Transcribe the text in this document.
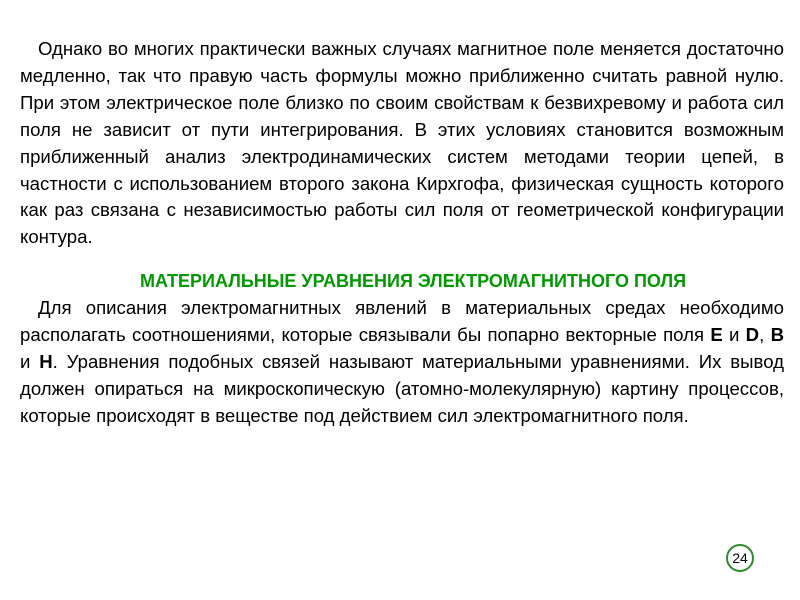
Однако во многих практически важных случаях магнитное поле меняется достаточно медленно, так что правую часть формулы можно приближенно считать равной нулю. При этом электрическое поле близко по своим свойствам к безвихревому и работа сил поля не зависит от пути интегрирования. В этих условиях становится возможным приближенный анализ электродинамических систем методами теории цепей, в частности с использованием второго закона Кирхгофа, физическая сущность которого как раз связана с независимостью работы сил поля от геометрической конфигурации контура.

МАТЕРИАЛЬНЫЕ УРАВНЕНИЯ ЭЛЕКТРОМАГНИТНОГО ПОЛЯ

Для описания электромагнитных явлений в материальных средах необходимо располагать соотношениями, которые связывали бы попарно векторные поля E и D, B и H. Уравнения подобных связей называют материальными уравнениями. Их вывод должен опираться на микроскопическую (атомно-молекулярную) картину процессов, которые происходят в веществе под действием сил электромагнитного поля.

24
